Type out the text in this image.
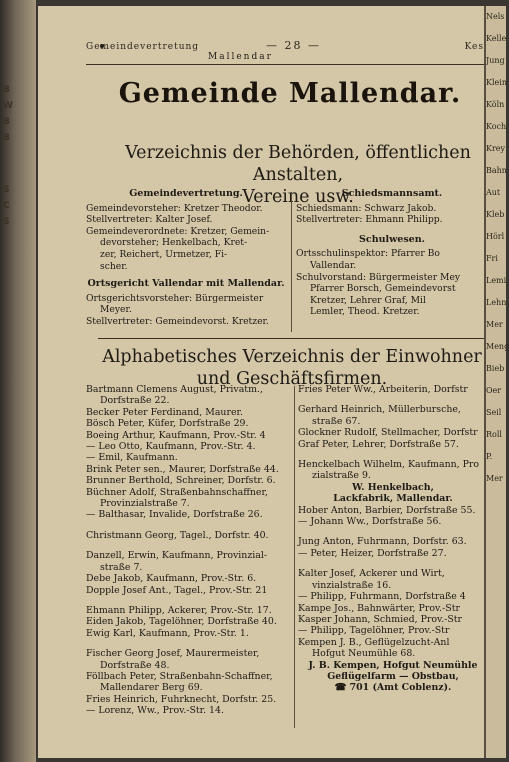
B
W
B
B
S
C
S
Gemeindevertretung	— 28 —	Kes
Mallendar
Gemeinde Mallendar.
Verzeichnis der Behörden, öffentlichen Anstalten,
Vereine usw.

Gemeindevertretung.

Gemeindevorsteher: Kretzer Theodor.

Stellvertreter: Kalter Josef.

Gemeindeverordnete: Kretzer, Gemein-

devorsteher; Henkelbach, Kret-

zer, Reichert, Urmetzer, Fi-

scher.

Ortsgericht Vallendar mit Mallendar.

Ortsgerichtsvorsteher: Bürgermeister

Meyer.

Stellvertreter: Gemeindevorst. Kretzer.

Schiedsmannsamt.

Schiedsmann: Schwarz Jakob.

Stellvertreter: Ehmann Philipp.

Schulwesen.

Ortsschulinspektor: Pfarrer Bo

Vallendar.

Schulvorstand: Bürgermeister Mey

Pfarrer Borsch, Gemeindevorst

Kretzer, Lehrer Graf, Mil

Lemler, Theod. Kretzer.

Alphabetisches Verzeichnis der Einwohner
und Geschäftsfirmen.

Bartmann Clemens August, Privatm.,

Dorfstraße 22.

Becker Peter Ferdinand, Maurer.

Bösch Peter, Küfer, Dorfstraße 29.

Boeing Arthur, Kaufmann, Prov.-Str. 4

— Leo Otto, Kaufmann, Prov.-Str. 4.

— Emil, Kaufmann.

Brink Peter sen., Maurer, Dorfstraße 44.

Brunner Berthold, Schreiner, Dorfstr. 6.

Büchner Adolf, Straßenbahnschaffner,

Provinzialstraße 7.

— Balthasar, Invalide, Dorfstraße 26.

Christmann Georg, Tagel., Dorfstr. 40.

Danzell, Erwin, Kaufmann, Provinzial-

straße 7.

Debe Jakob, Kaufmann, Prov.-Str. 6.

Dopple Josef Ant., Tagel., Prov.-Str. 21

Ehmann Philipp, Ackerer, Prov.-Str. 17.

Eiden Jakob, Tagelöhner, Dorfstraße 40.

Ewig Karl, Kaufmann, Prov.-Str. 1.

Fischer Georg Josef, Maurermeister,

Dorfstraße 48.

Föllbach Peter, Straßenbahn-Schaffner,

Mallendarer Berg 69.

Fries Heinrich, Fuhrknecht, Dorfstr. 25.

— Lorenz, Ww., Prov.-Str. 14.

Fries Peter Ww., Arbeiterin, Dorfstr

Gerhard Heinrich, Müllerbursche,

straße 67.

Glockner Rudolf, Stellmacher, Dorfstr

Graf Peter, Lehrer, Dorfstraße 57.

Henckelbach Wilhelm, Kaufmann, Pro

zialstraße 9.

W. Henkelbach,

Lackfabrik, Mallendar.

Hober Anton, Barbier, Dorfstraße 55.

— Johann Ww., Dorfstraße 56.

Jung Anton, Fuhrmann, Dorfstr. 63.

— Peter, Heizer, Dorfstraße 27.

Kalter Josef, Ackerer und Wirt,

vinzialstraße 16.

— Philipp, Fuhrmann, Dorfstraße 4

Kampe Jos., Bahnwärter, Prov.-Str

Kasper Johann, Schmied, Prov.-Str

— Philipp, Tagelöhner, Prov.-Str

Kempen J. B., Geflügelzucht-Anl

Hofgut Neumühle 68.

J. B. Kempen, Hofgut Neumühle

Geflügelfarm — Obstbau,

☎ 701 (Amt Coblenz).

Nels
Kelle
Jung
Klein
Köln
Koch
Krey
Bahn
Aut
Kleb
Hörl
Fri
Lemi
Lehn
Mer
Meng
Bieb
Oer
Seil
Roll
P.
Mer
